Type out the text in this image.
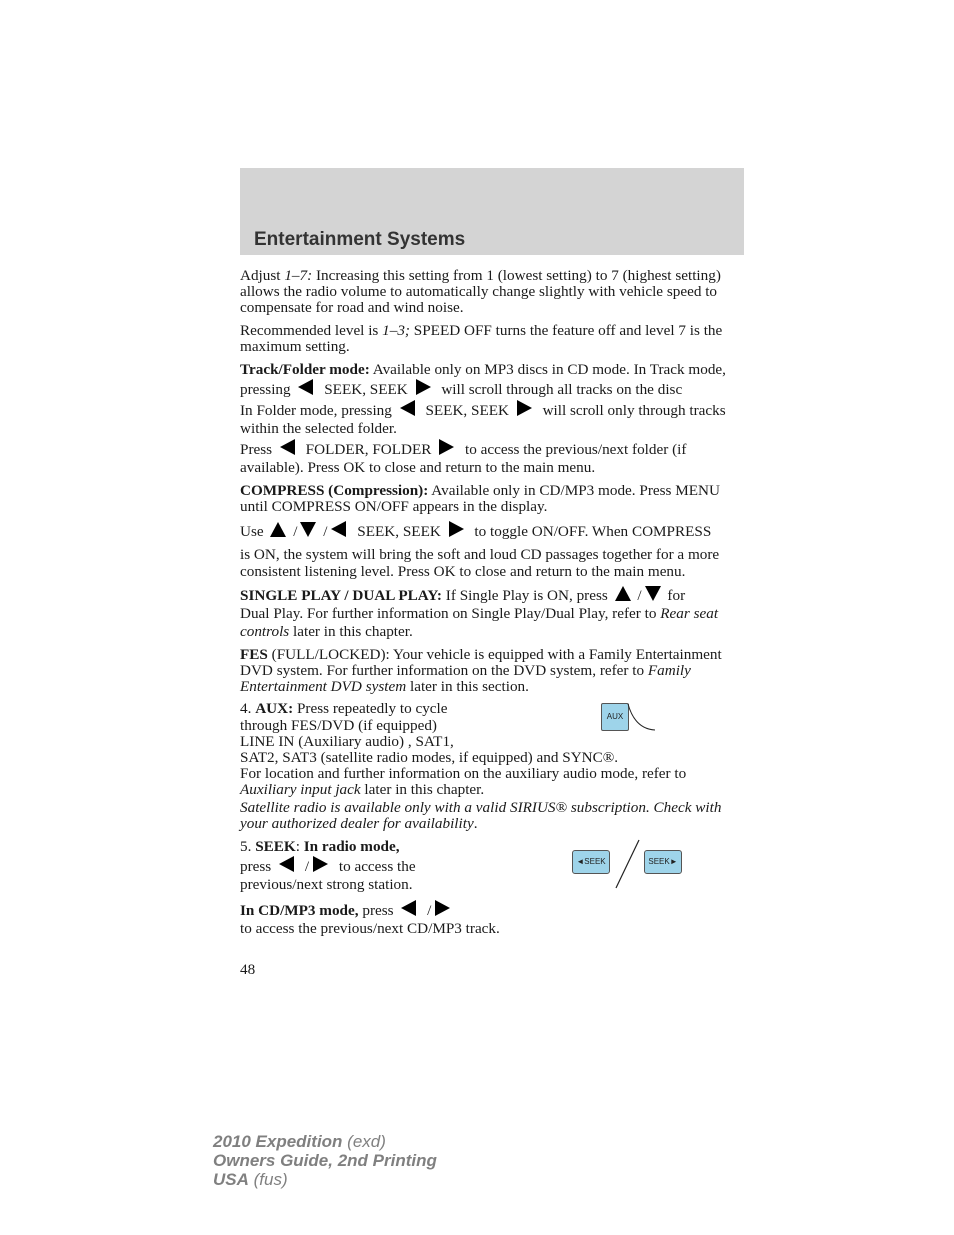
Entertainment Systems

Adjust 1–7: Increasing this setting from 1 (lowest setting) to 7 (highest setting) allows the radio volume to automatically change slightly with vehicle speed to compensate for road and wind noise.

Recommended level is 1–3; SPEED OFF turns the feature off and level 7 is the maximum setting.

Track/Folder mode: Available only on MP3 discs in CD mode. In Track mode, pressing  SEEK, SEEK  will scroll through all tracks on the disc

In Folder mode, pressing  SEEK, SEEK  will scroll only through tracks within the selected folder.

Press  FOLDER, FOLDER  to access the previous/next folder (if available). Press OK to close and return to the main menu.

COMPRESS (Compression): Available only in CD/MP3 mode. Press MENU until COMPRESS ON/OFF appears in the display.

Use  / / SEEK, SEEK  to toggle ON/OFF. When COMPRESS

is ON, the system will bring the soft and loud CD passages together for a more consistent listening level. Press OK to close and return to the main menu.

SINGLE PLAY / DUAL PLAY: If Single Play is ON, press  / for
Dual Play. For further information on Single Play/Dual Play, refer to Rear seat controls later in this chapter.

FES (FULL/LOCKED): Your vehicle is equipped with a Family Entertainment DVD system. For further information on the DVD system, refer to Family Entertainment DVD system later in this section.

AUX

4. AUX: Press repeatedly to cycle
through FES/DVD (if equipped)
LINE IN (Auxiliary audio) , SAT1,
SAT2, SAT3 (satellite radio modes, if equipped) and SYNC®.
For location and further information on the auxiliary audio mode, refer to Auxiliary input jack later in this chapter.

Satellite radio is available only with a valid SIRIUS® subscription. Check with your authorized dealer for availability.

◄SEEK	SEEK►

5. SEEK: In radio mode,
press  / to access the
previous/next strong station.

In CD/MP3 mode, press  /
to access the previous/next CD/MP3 track.

48
2010 Expedition (exd)
Owners Guide, 2nd Printing
USA (fus)
